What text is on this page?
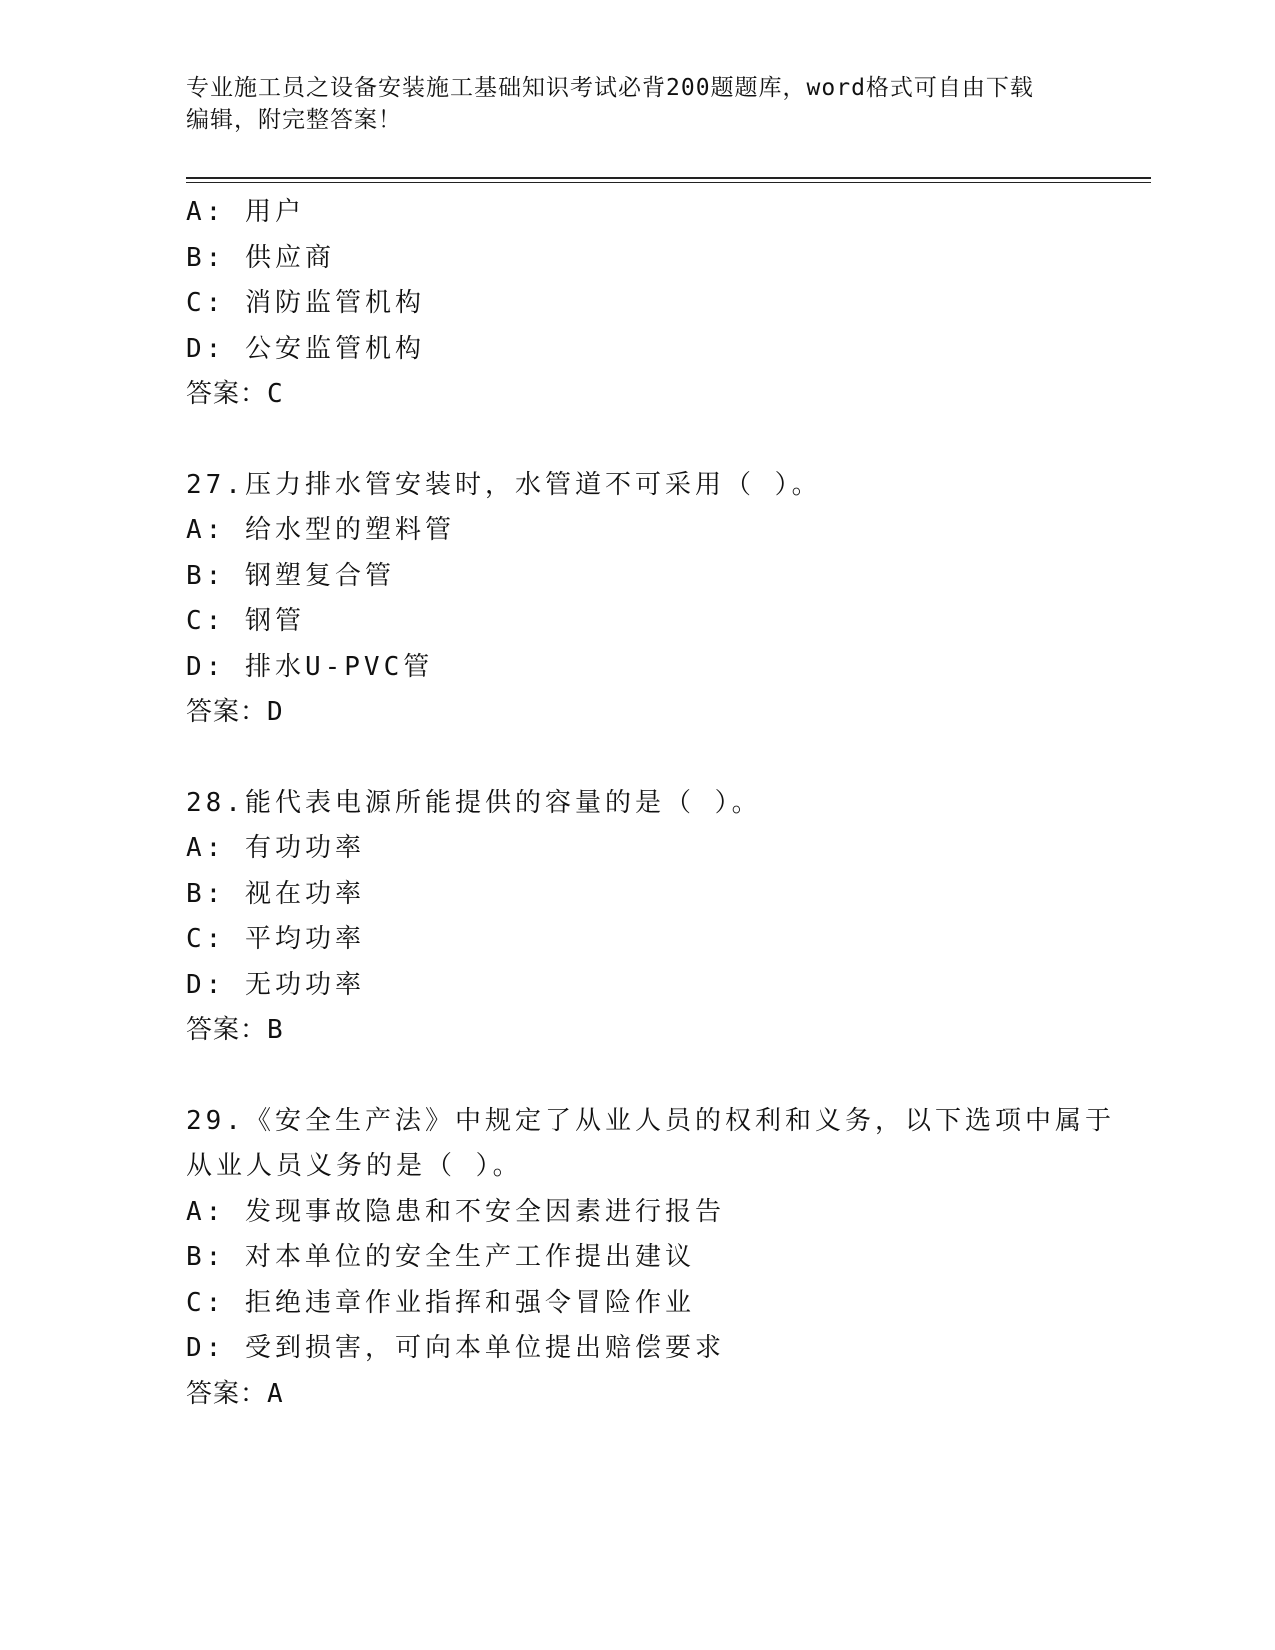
专业施工员之设备安装施工基础知识考试必背200题题库，word格式可自由下载
编辑，附完整答案！
A: 用户
B: 供应商
C: 消防监管机构
D: 公安监管机构
答案：C
27.压力排水管安装时，水管道不可采用（ ）。
A: 给水型的塑料管
B: 钢塑复合管
C: 钢管
D: 排水U-PVC管
答案：D
28.能代表电源所能提供的容量的是（ ）。
A: 有功功率
B: 视在功率
C: 平均功率
D: 无功功率
答案：B
29.《安全生产法》中规定了从业人员的权利和义务，以下选项中属于
从业人员义务的是（ ）。
A: 发现事故隐患和不安全因素进行报告
B: 对本单位的安全生产工作提出建议
C: 拒绝违章作业指挥和强令冒险作业
D: 受到损害，可向本单位提出赔偿要求
答案：A
